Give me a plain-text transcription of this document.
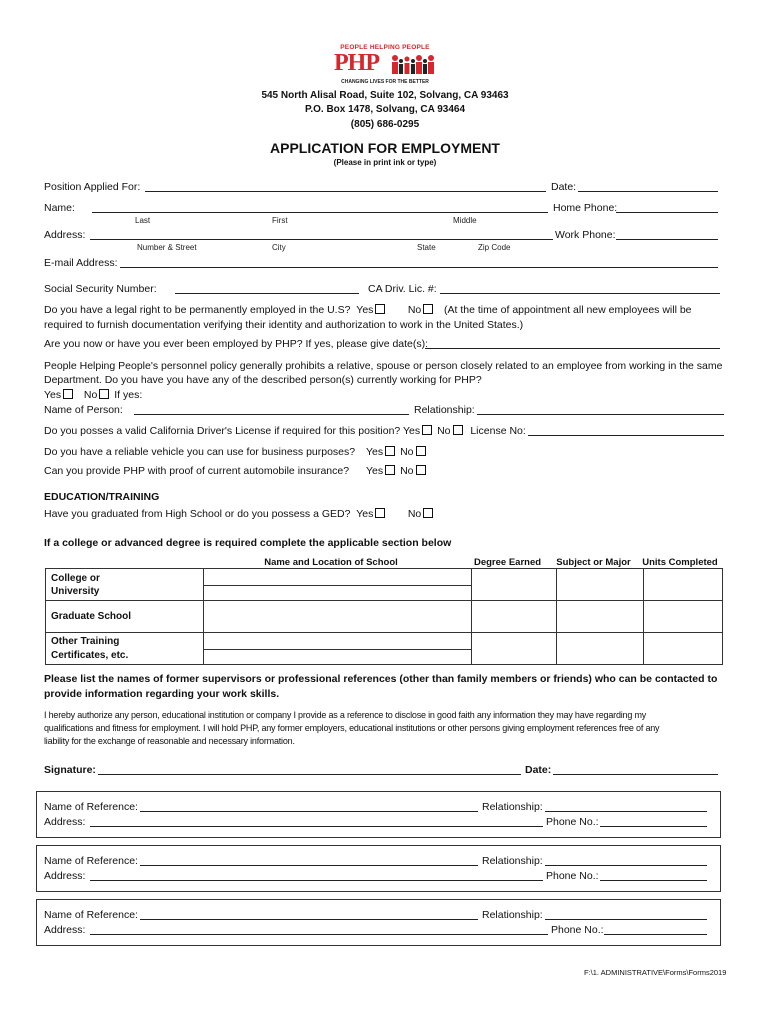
PEOPLE HELPING PEOPLE
PHP
CHANGING LIVES FOR THE BETTER
545 North Alisal Road, Suite 102, Solvang, CA 93463
P.O. Box 1478, Solvang, CA 93464
(805) 686-0295
APPLICATION FOR EMPLOYMENT
(Please in print ink or type)
Position Applied For:	Date:
Name:	Home Phone:
Last	First	Middle
Address:	Work Phone:
Number & Street	City	State	Zip Code
E-mail Address:
Social Security Number:	CA Driv. Lic. #:
Do you have a legal right to be permanently employed in the U.S? Yes	No (At the time of appointment all new employees will be
required to furnish documentation verifying their identity and authorization to work in the United States.)
Are you now or have you ever been employed by PHP? If yes, please give date(s):
People Helping People's personnel policy generally prohibits a relative, spouse or person closely related to an employee from working in the same
Department. Do you have you have any of the described person(s) currently working for PHP?
Yes No If yes:
Name of Person:	Relationship:
Do you posses a valid California Driver's License if required for this position? Yes No License No:
Do you have a reliable vehicle you can use for business purposes? Yes No
Can you provide PHP with proof of current automobile insurance? Yes No
EDUCATION/TRAINING
Have you graduated from High School or do you possess a GED? Yes	No
If a college or advanced degree is required complete the applicable section below
Name and Location of School	Degree Earned	Subject or Major	Units Completed
College or
University				

Graduate School				

Other Training
Certificates, etc.				

Please list the names of former supervisors or professional references (other than family members or friends) who can be contacted to
provide information regarding your work skills.
I hereby authorize any person, educational institution or company I provide as a reference to disclose in good faith any information they may have regarding my
qualifications and fitness for employment. I will hold PHP, any former employers, educational institutions or other persons giving employment references free of any
liability for the exchange of reasonable and necessary information.
Signature:	Date:
Name of Reference:	Relationship:
Address:	Phone No.:
Name of Reference:	Relationship:
Address:	Phone No.:
Name of Reference:	Relationship:
Address:	Phone No.:
F:\1. ADMINISTRATIVE\Forms\Forms2019
